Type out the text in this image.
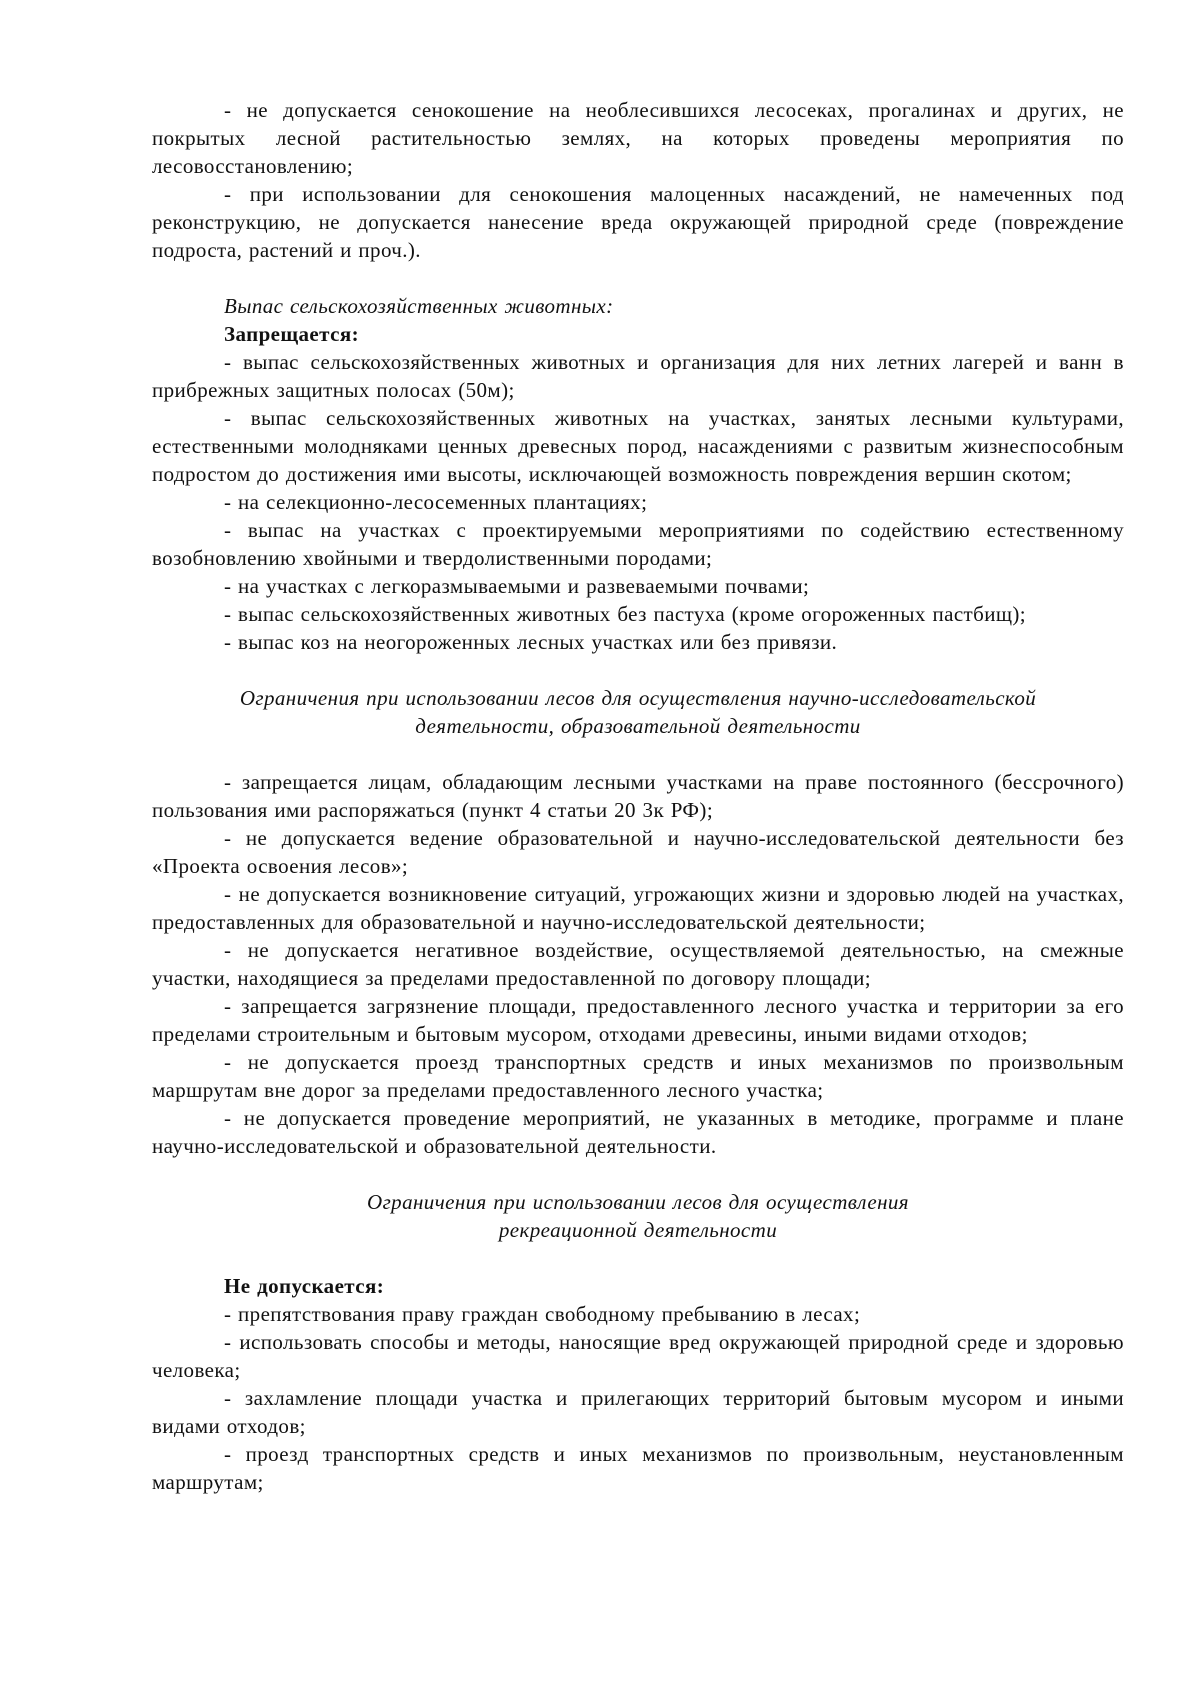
- не допускается сенокошение на необлесившихся лесосеках, прогалинах и других, не покрытых лесной растительностью землях, на которых проведены мероприятия по лесовосстановлению;

- при использовании для сенокошения малоценных насаждений, не намеченных под реконструкцию, не допускается нанесение вреда окружающей природной среде (повреждение подроста, растений и проч.).

Выпас сельскохозяйственных животных:

Запрещается:

- выпас сельскохозяйственных животных и организация для них летних лагерей и ванн в прибрежных защитных полосах (50м);

- выпас сельскохозяйственных животных на участках, занятых лесными культурами, естественными молодняками ценных древесных пород, насаждениями с развитым жизнеспособным подростом до достижения ими высоты, исключающей возможность повреждения вершин скотом;

- на селекционно-лесосеменных плантациях;

- выпас на участках с проектируемыми мероприятиями по содействию естественному возобновлению хвойными и твердолиственными породами;

- на участках с легкоразмываемыми и развеваемыми почвами;

- выпас сельскохозяйственных животных без пастуха (кроме огороженных пастбищ);

- выпас коз на неогороженных лесных участках или без привязи.

Ограничения при использовании лесов для осуществления научно-исследовательской
деятельности, образовательной деятельности

- запрещается лицам, обладающим лесными участками на праве постоянного (бессрочного) пользования ими распоряжаться (пункт 4 статьи 20 3к РФ);

- не допускается ведение образовательной и научно-исследовательской деятельности без «Проекта освоения лесов»;

- не допускается возникновение ситуаций, угрожающих жизни и здоровью людей на участках, предоставленных для образовательной и научно-исследовательской деятельности;

- не допускается негативное воздействие, осуществляемой деятельностью, на смежные участки, находящиеся за пределами предоставленной по договору площади;

- запрещается загрязнение площади, предоставленного лесного участка и территории за его пределами строительным и бытовым мусором, отходами древесины, иными видами отходов;

- не допускается проезд транспортных средств и иных механизмов по произвольным маршрутам вне дорог за пределами предоставленного лесного участка;

- не допускается проведение мероприятий, не указанных в методике, программе и плане научно-исследовательской и образовательной деятельности.

Ограничения при использовании лесов для осуществления
рекреационной деятельности

Не допускается:

- препятствования праву граждан свободному пребыванию в лесах;

- использовать способы и методы, наносящие вред окружающей природной среде и здоровью человека;

- захламление площади участка и прилегающих территорий бытовым мусором и иными видами отходов;

- проезд транспортных средств и иных механизмов по произвольным, неустановленным маршрутам;
